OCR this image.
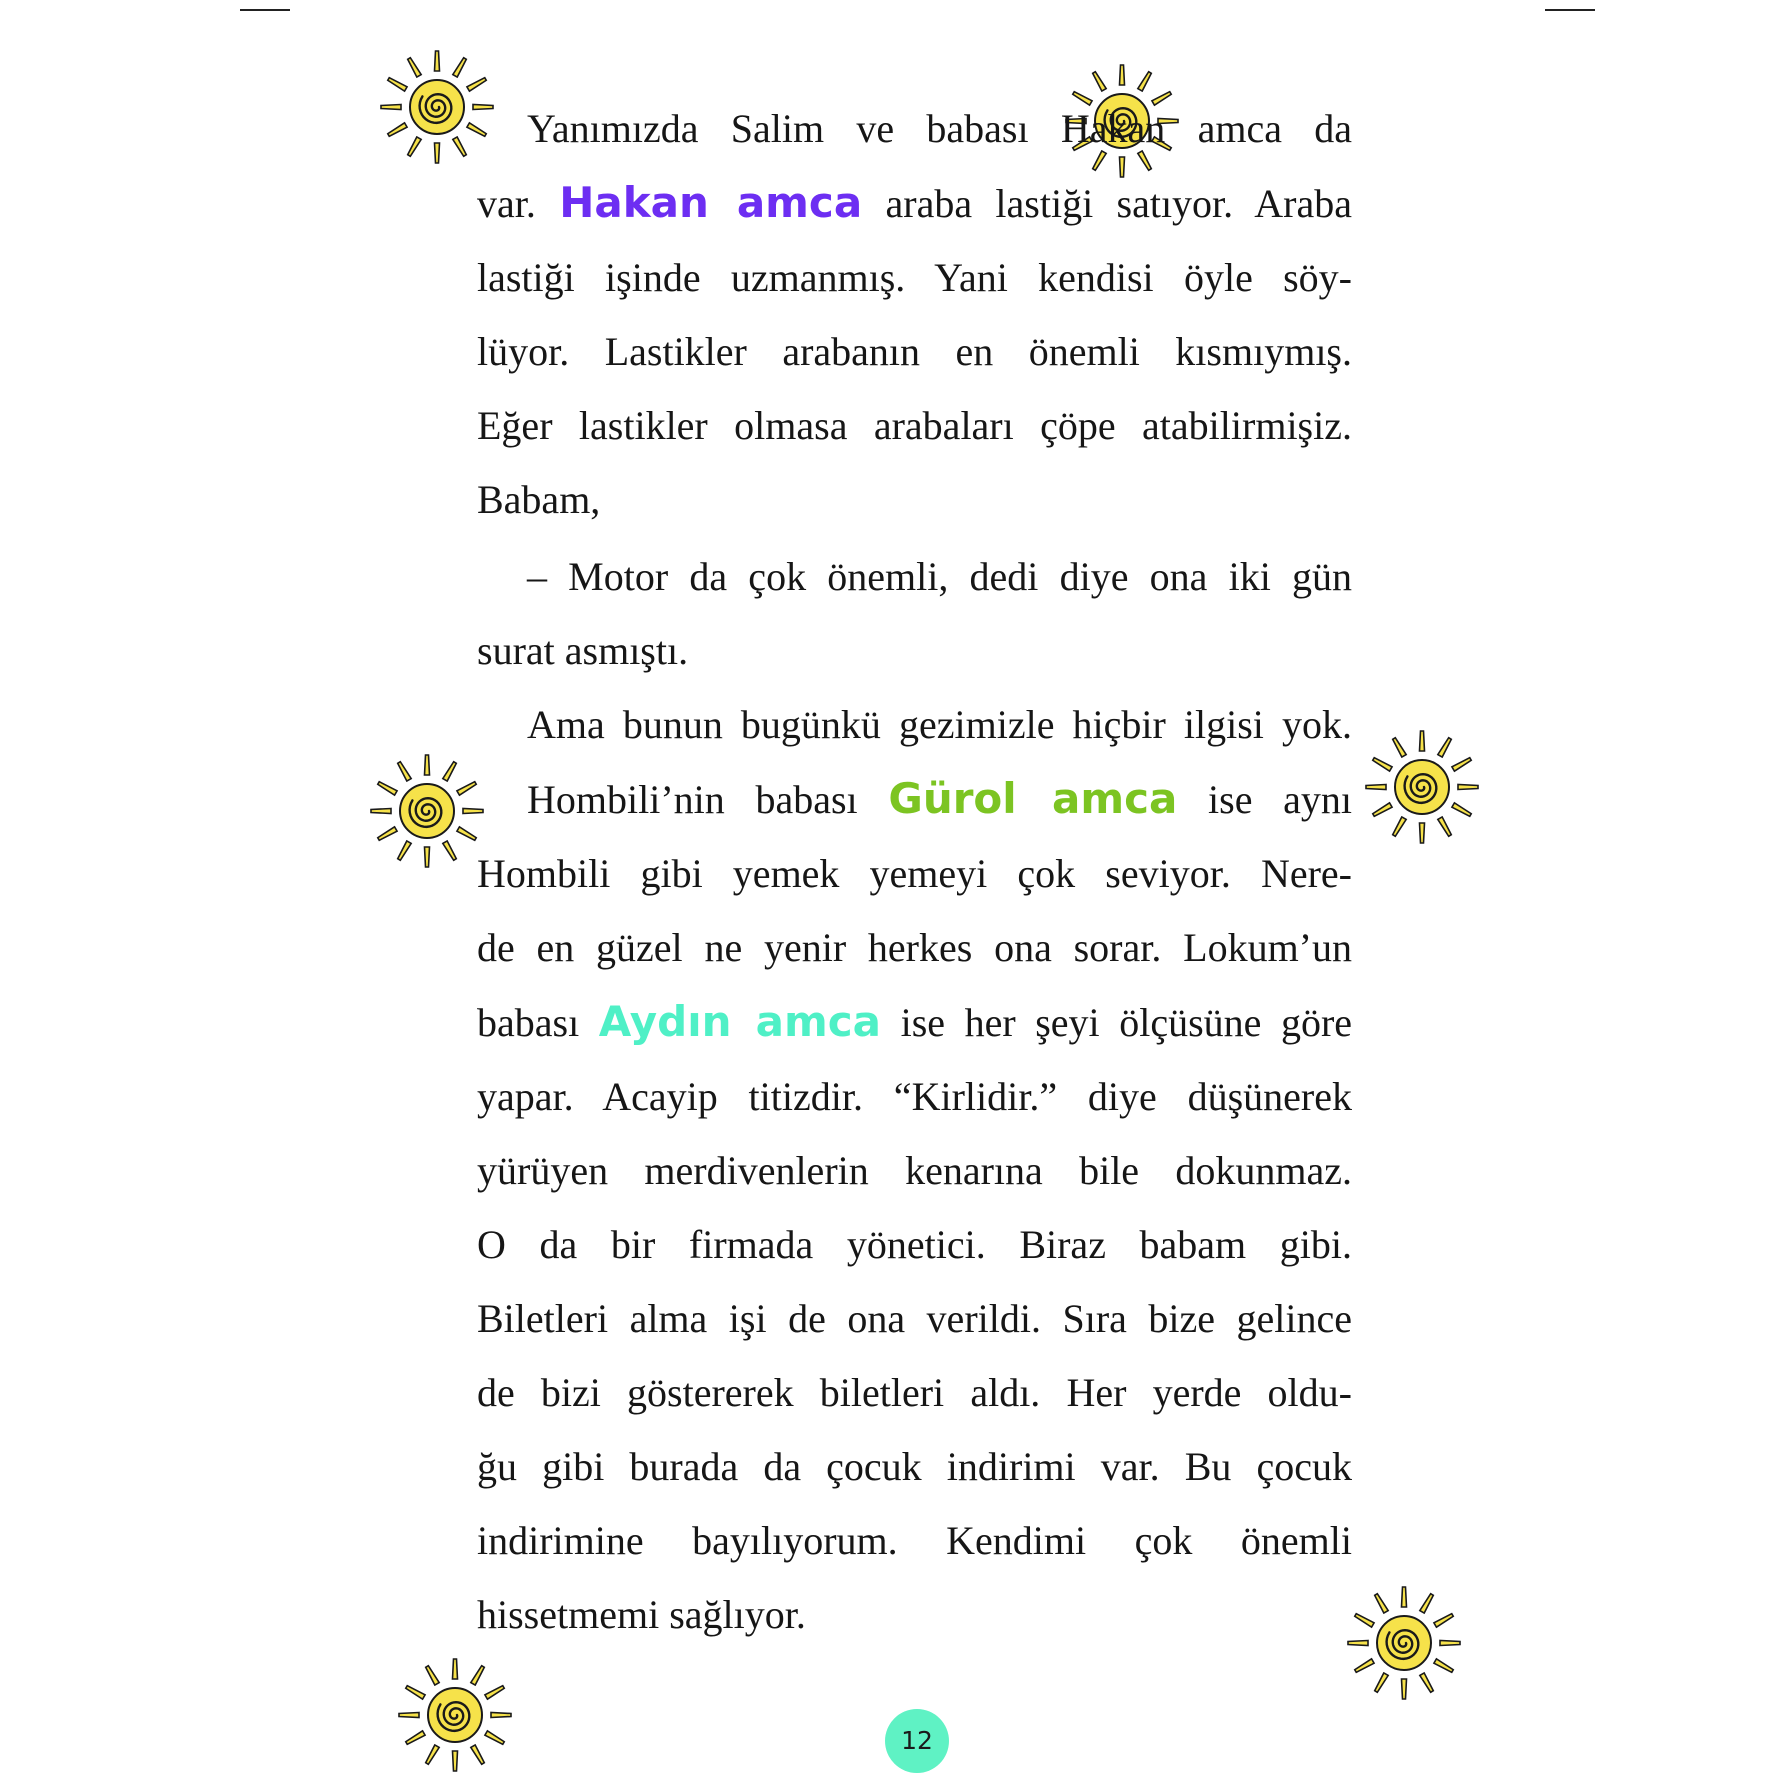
Yanımızda Salim ve babası Hakan amca da
var. Hakan amca araba lastiği satıyor. Araba
lastiği işinde uzmanmış. Yani kendisi öyle söy-
lüyor. Lastikler arabanın en önemli kısmıymış.
Eğer lastikler olmasa arabaları çöpe atabilirmişiz.
Babam,
– Motor da çok önemli, dedi diye ona iki gün
surat asmıştı.
Ama bunun bugünkü gezimizle hiçbir ilgisi yok.
Hombili’nin babası Gürol amca ise aynı
Hombili gibi yemek yemeyi çok seviyor. Nere-
de en güzel ne yenir herkes ona sorar. Lokum’un
babası Aydın amca ise her şeyi ölçüsüne göre
yapar. Acayip titizdir. “Kirlidir.” diye düşünerek
yürüyen merdivenlerin kenarına bile dokunmaz.
O da bir firmada yönetici. Biraz babam gibi.
Biletleri alma işi de ona verildi. Sıra bize gelince
de bizi göstererek biletleri aldı. Her yerde oldu-
ğu gibi burada da çocuk indirimi var. Bu çocuk
indirimine bayılıyorum. Kendimi çok önemli
hissetmemi sağlıyor.
12
